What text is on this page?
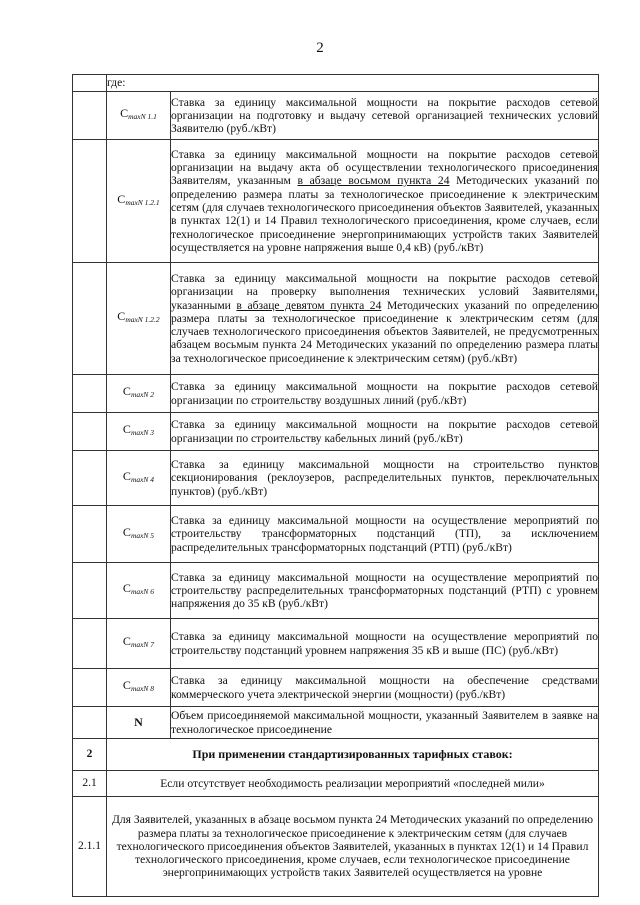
2
	где:	
	$C_{maxN 1.1}$	Ставка за единицу максимальной мощности на покрытие расходов сетевой организации на подготовку и выдачу сетевой организацией технических условий Заявителю (руб./кВт)
	$C_{maxN 1.2.1}$	Ставка за единицу максимальной мощности на покрытие расходов сетевой организации на выдачу акта об осуществлении технологического присоединения Заявителям, указанным в абзаце восьмом пункта 24 Методических указаний по определению размера платы за технологическое присоединение к электрическим сетям (для случаев технологического присоединения объектов Заявителей, указанных в пунктах 12(1) и 14 Правил технологического присоединения, кроме случаев, если технологическое присоединение энергопринимающих устройств таких Заявителей осуществляется на уровне напряжения выше 0,4 кВ) (руб./кВт)
	$C_{maxN 1.2.2}$	Ставка за единицу максимальной мощности на покрытие расходов сетевой организации на проверку выполнения технических условий Заявителями, указанными в абзаце девятом пункта 24 Методических указаний по определению размера платы за технологическое присоединение к электрическим сетям (для случаев технологического присоединения объектов Заявителей, не предусмотренных абзацем восьмым пункта 24 Методических указаний по определению размера платы за технологическое присоединение к электрическим сетям) (руб./кВт)
	$C_{maxN 2}$	Ставка за единицу максимальной мощности на покрытие расходов сетевой организации по строительству воздушных линий (руб./кВт)
	$C_{maxN 3}$	Ставка за единицу максимальной мощности на покрытие расходов сетевой организации по строительству кабельных линий (руб./кВт)
	$C_{maxN 4}$	Ставка за единицу максимальной мощности на строительство пунктов секционирования (реклоузеров, распределительных пунктов, переключательных пунктов) (руб./кВт)
	$C_{maxN 5}$	Ставка за единицу максимальной мощности на осуществление мероприятий по строительству трансформаторных подстанций (ТП), за исключением распределительных трансформаторных подстанций (РТП) (руб./кВт)
	$C_{maxN 6}$	Ставка за единицу максимальной мощности на осуществление мероприятий по строительству распределительных трансформаторных подстанций (РТП) с уровнем напряжения до 35 кВ (руб./кВт)
	$C_{maxN 7}$	Ставка за единицу максимальной мощности на осуществление мероприятий по строительству подстанций уровнем напряжения 35 кВ и выше (ПС) (руб./кВт)
	$C_{maxN 8}$	Ставка за единицу максимальной мощности на обеспечение средствами коммерческого учета электрической энергии (мощности) (руб./кВт)
	N	Объем присоединяемой максимальной мощности, указанный Заявителем в заявке на технологическое присоединение
2	При применении стандартизированных тарифных ставок:	
2.1	Если отсутствует необходимость реализации мероприятий «последней мили»	
2.1.1	Для Заявителей, указанных в абзаце восьмом пункта 24 Методических указаний по определению размера платы за технологическое присоединение к электрическим сетям (для случаев технологического присоединения объектов Заявителей, указанных в пунктах 12(1) и 14 Правил технологического присоединения, кроме случаев, если технологическое присоединение энергопринимающих устройств таких Заявителей осуществляется на уровне	
